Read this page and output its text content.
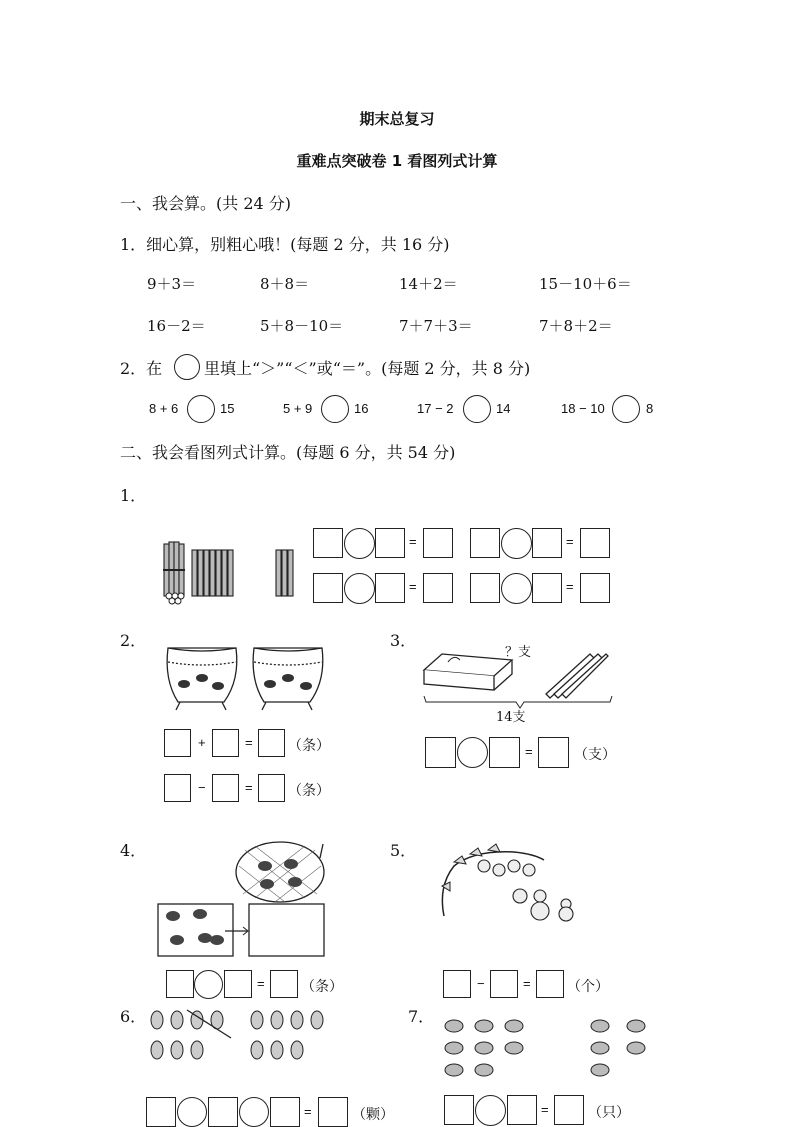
期末总复习
重难点突破卷 1 看图列式计算
一、我会算。(共 24 分)
1．细心算，别粗心哦！(每题 2 分，共 16 分)
9＋3＝	8＋8＝	14＋2＝	15－10＋6＝
16－2＝	5＋8－10＝	7＋7＋3＝	7＋8＋2＝
2．在	里填上“＞”“＜”或“＝”。(每题 2 分，共 8 分)
8 + 6	15	5 + 9	16	17 − 2	14	18 − 10	8
二、我会看图列式计算。(每题 6 分，共 54 分)
1．
=	=
=	=
2．
+	=	（条）
−	=	（条）
3．
？支
14支
=	（支）
4．
=	（条）
5．
−	=	（个）
6．
=	（颗）
7．
=	（只）
